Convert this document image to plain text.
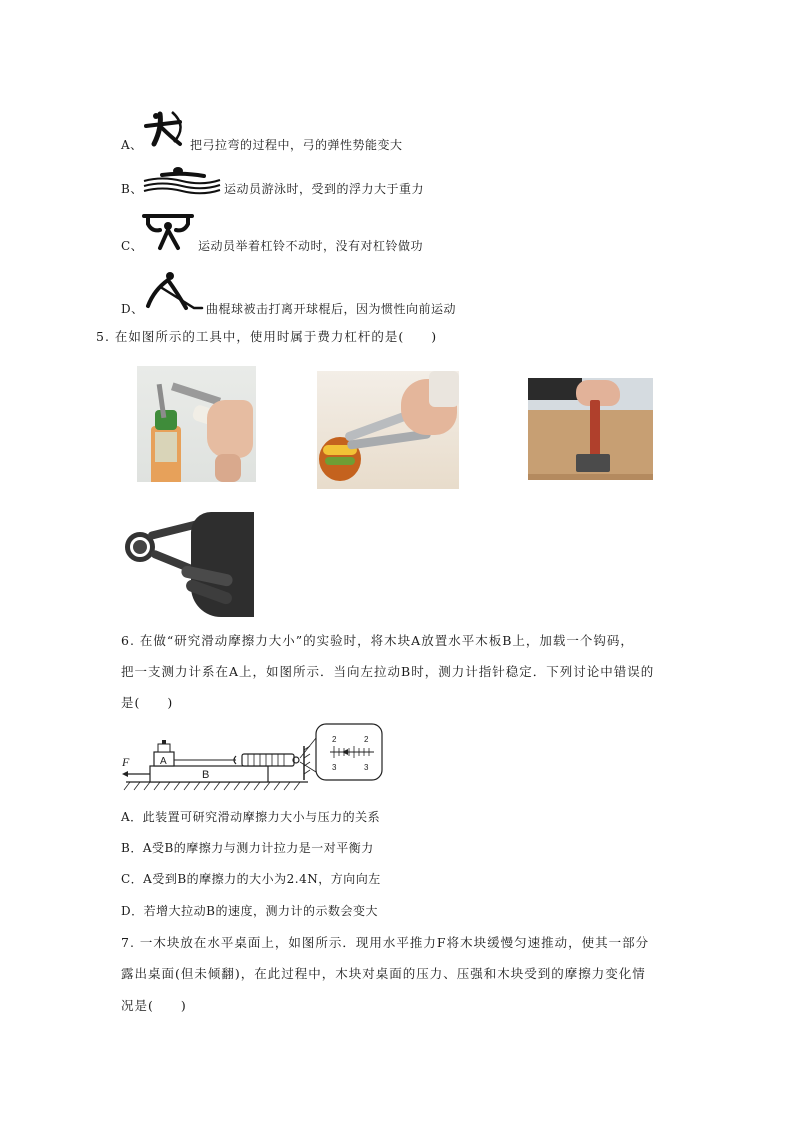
A、	把弓拉弯的过程中，弓的弹性势能变大
B、	运动员游泳时，受到的浮力大于重力
C、	运动员举着杠铃不动时，没有对杠铃做功
D、	曲棍球被击打离开球棍后，因为惯性向前运动
5. 在如图所示的工具中，使用时属于费力杠杆的是(　　)
6. 在做“研究滑动摩擦力大小”的实验时，将木块A放置水平木板B上，加载一个钩码，
把一支测力计系在A上，如图所示．当向左拉动B时，测力计指针稳定．下列讨论中错误的
是(　　)
F	A
B
2	2
3	3
A．此装置可研究滑动摩擦力大小与压力的关系
B．A受B的摩擦力与测力计拉力是一对平衡力
C．A受到B的摩擦力的大小为2.4N，方向向左
D．若增大拉动B的速度，测力计的示数会变大
7. 一木块放在水平桌面上，如图所示．现用水平推力F将木块缓慢匀速推动，使其一部分
露出桌面(但未倾翻)，在此过程中，木块对桌面的压力、压强和木块受到的摩擦力变化情
况是(　　)
